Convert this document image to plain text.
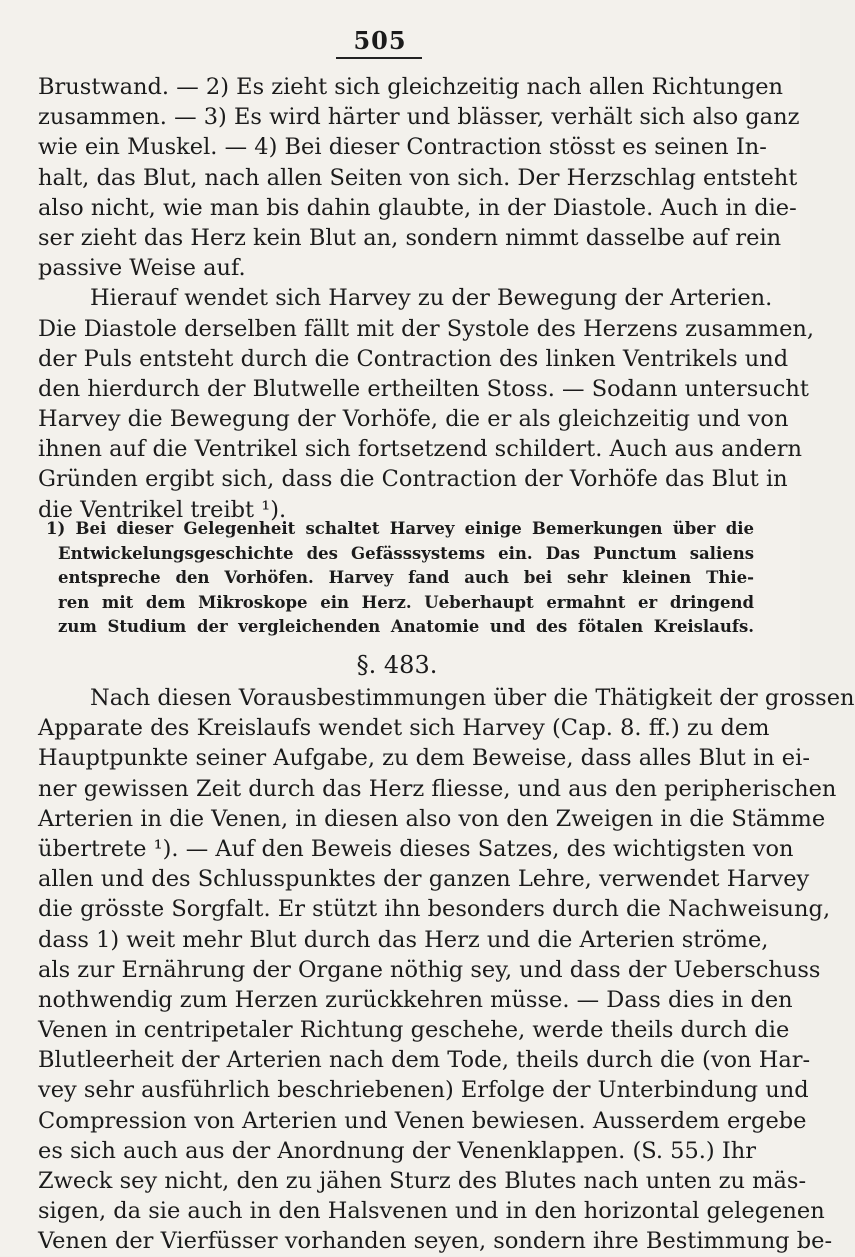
505
Brustwand. — 2) Es zieht sich gleichzeitig nach allen Richtungen
zusammen. — 3) Es wird härter und blässer, verhält sich also ganz
wie ein Muskel. — 4) Bei dieser Contraction stösst es seinen In-
halt, das Blut, nach allen Seiten von sich. Der Herzschlag entsteht
also nicht, wie man bis dahin glaubte, in der Diastole. Auch in die-
ser zieht das Herz kein Blut an, sondern nimmt dasselbe auf rein
passive Weise auf.
Hierauf wendet sich Harvey zu der Bewegung der Arterien.
Die Diastole derselben fällt mit der Systole des Herzens zusammen,
der Puls entsteht durch die Contraction des linken Ventrikels und
den hierdurch der Blutwelle ertheilten Stoss. — Sodann untersucht
Harvey die Bewegung der Vorhöfe, die er als gleichzeitig und von
ihnen auf die Ventrikel sich fortsetzend schildert. Auch aus andern
Gründen ergibt sich, dass die Contraction der Vorhöfe das Blut in
die Ventrikel treibt ¹).
1) Bei dieser Gelegenheit schaltet Harvey einige Bemerkungen über die
Entwickelungsgeschichte des Gefässsystems ein. Das Punctum saliens
entspreche den Vorhöfen. Harvey fand auch bei sehr kleinen Thie-
ren mit dem Mikroskope ein Herz. Ueberhaupt ermahnt er dringend
zum Studium der vergleichenden Anatomie und des fötalen Kreislaufs.
§. 483.
Nach diesen Vorausbestimmungen über die Thätigkeit der grossen
Apparate des Kreislaufs wendet sich Harvey (Cap. 8. ff.) zu dem
Hauptpunkte seiner Aufgabe, zu dem Beweise, dass alles Blut in ei-
ner gewissen Zeit durch das Herz fliesse, und aus den peripherischen
Arterien in die Venen, in diesen also von den Zweigen in die Stämme
übertrete ¹). — Auf den Beweis dieses Satzes, des wichtigsten von
allen und des Schlusspunktes der ganzen Lehre, verwendet Harvey
die grösste Sorgfalt. Er stützt ihn besonders durch die Nachweisung,
dass 1) weit mehr Blut durch das Herz und die Arterien ströme,
als zur Ernährung der Organe nöthig sey, und dass der Ueberschuss
nothwendig zum Herzen zurückkehren müsse. — Dass dies in den
Venen in centripetaler Richtung geschehe, werde theils durch die
Blutleerheit der Arterien nach dem Tode, theils durch die (von Har-
vey sehr ausführlich beschriebenen) Erfolge der Unterbindung und
Compression von Arterien und Venen bewiesen. Ausserdem ergebe
es sich auch aus der Anordnung der Venenklappen. (S. 55.) Ihr
Zweck sey nicht, den zu jähen Sturz des Blutes nach unten zu mäs-
sigen, da sie auch in den Halsvenen und in den horizontal gelegenen
Venen der Vierfüsser vorhanden seyen, sondern ihre Bestimmung be-
